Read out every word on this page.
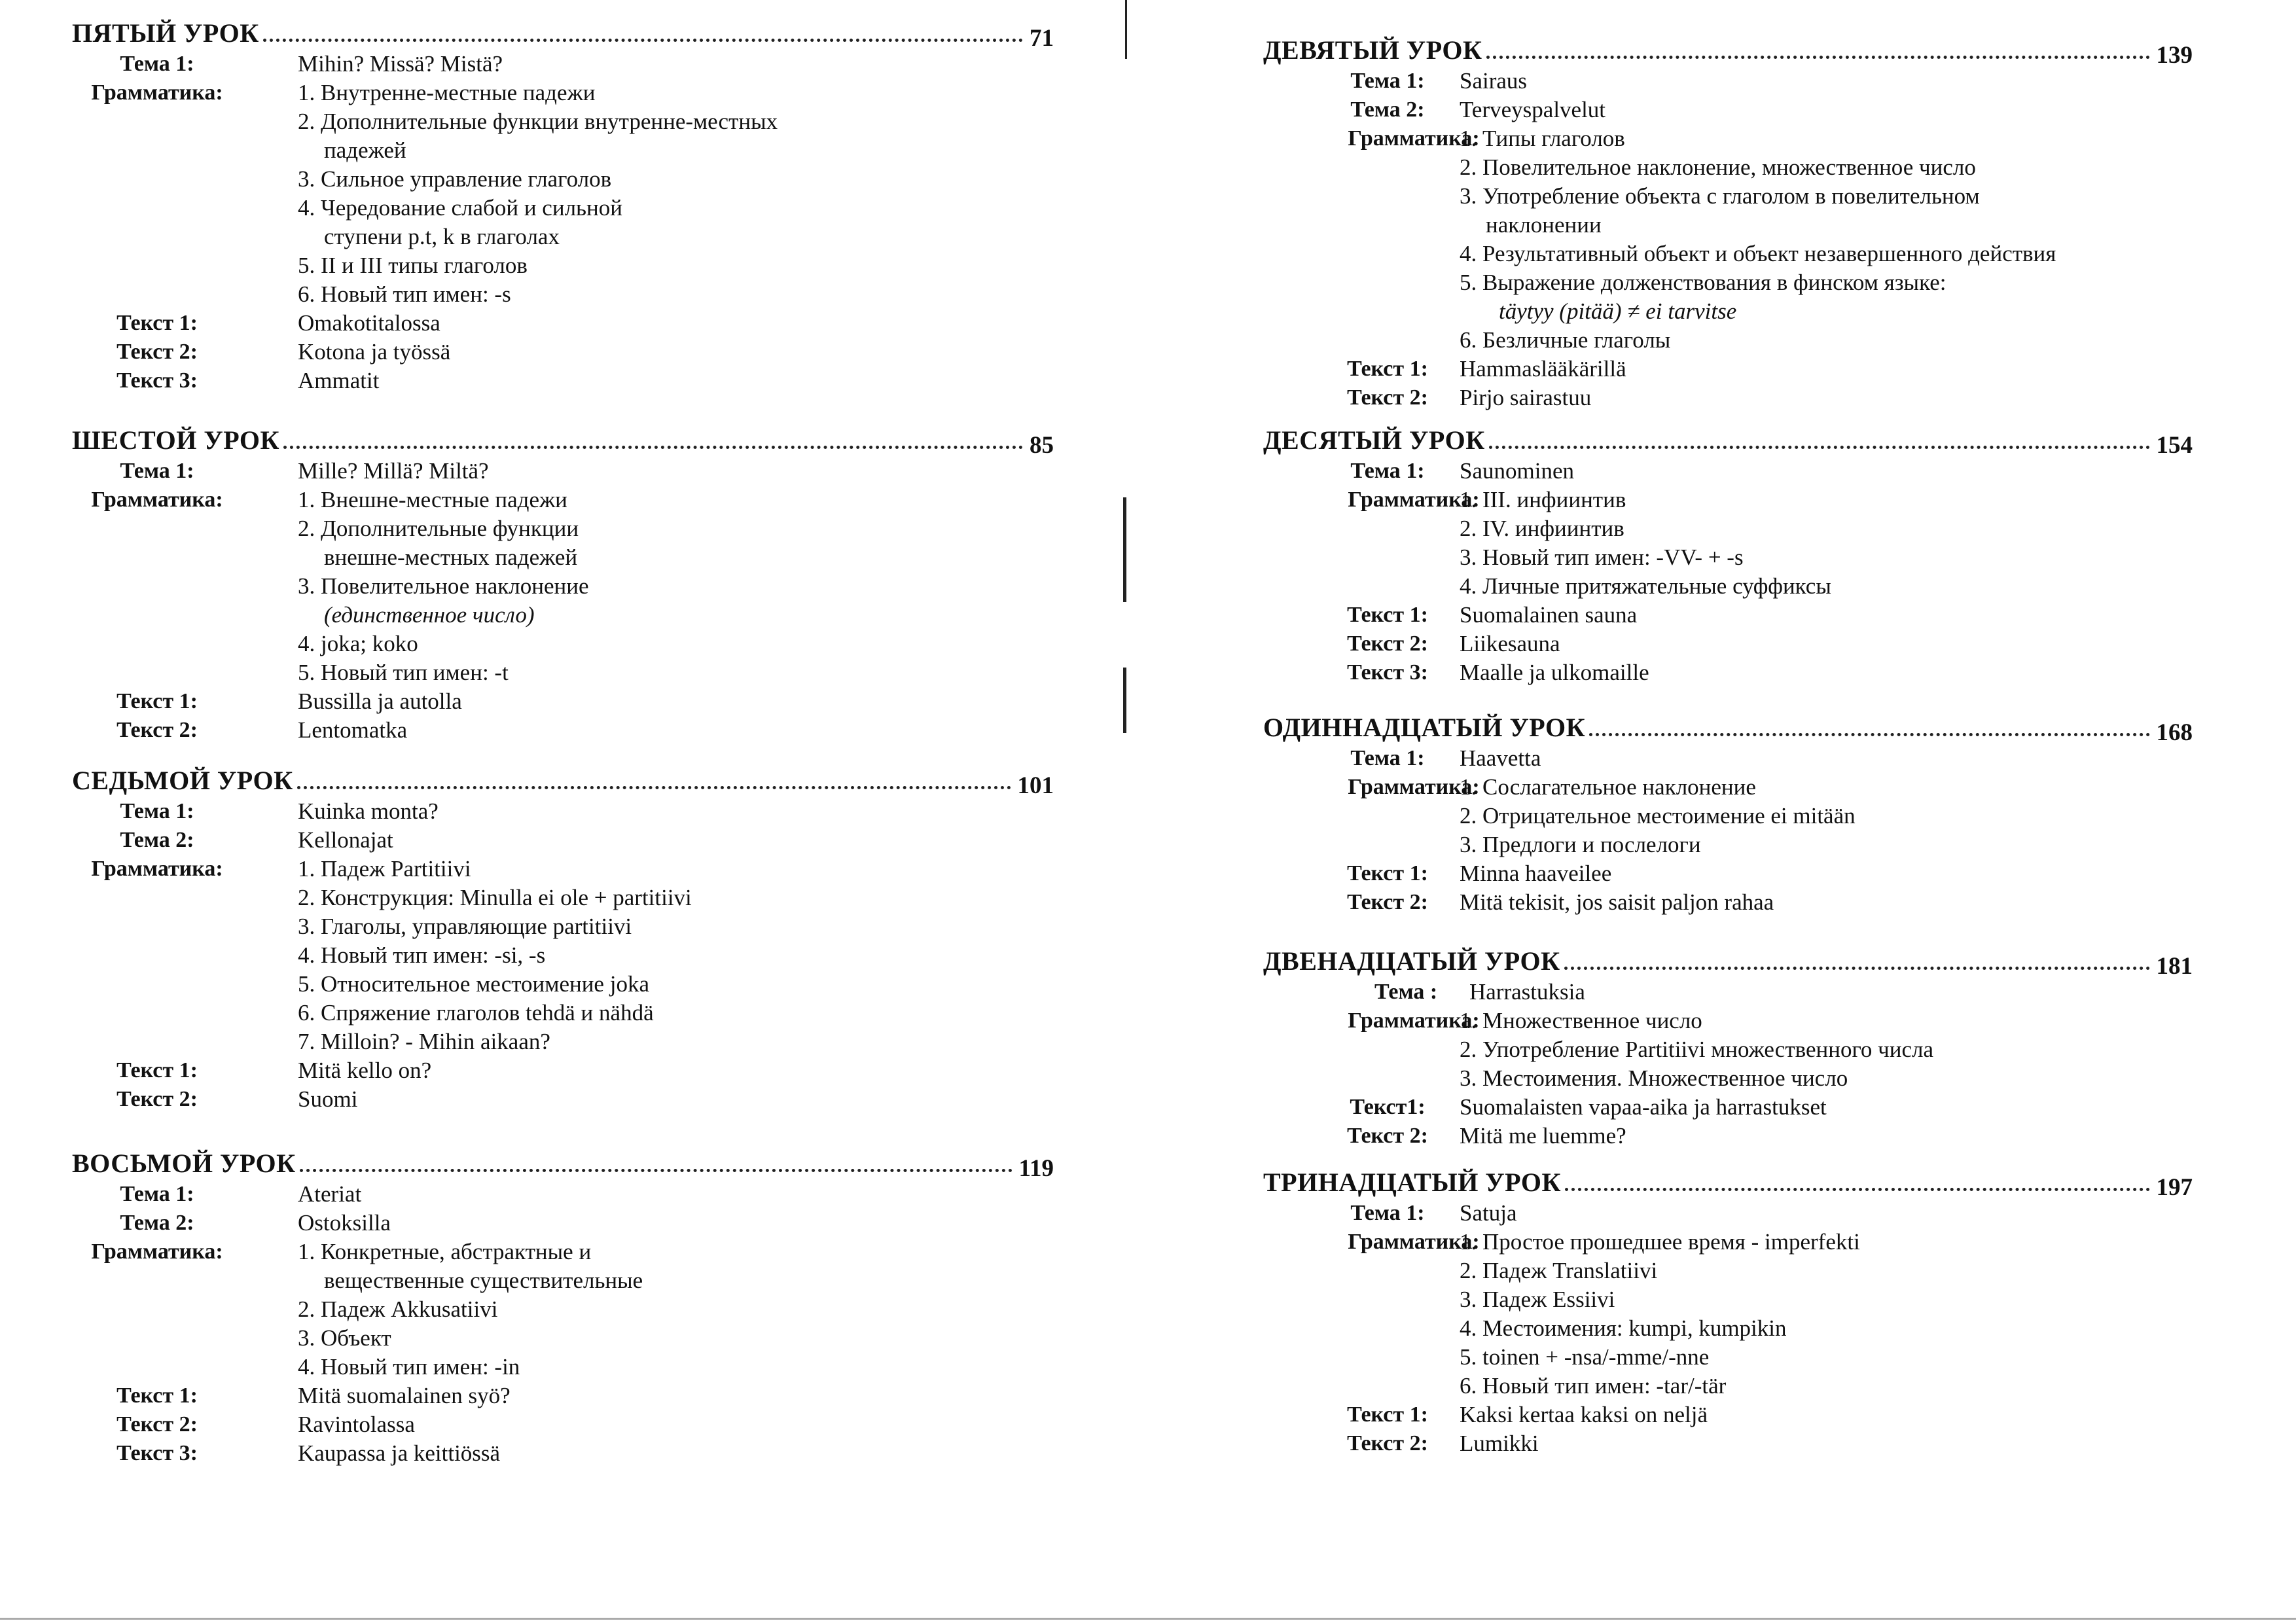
ПЯТЫЙ УРОК	71
Тема 1:	Mihin? Missä? Mistä?
Грамматика:	1. Внутренне-местные падежи
2. Дополнительные функции внутренне-местных
падежей
3. Сильное управление глаголов
4. Чередование слабой и сильной
ступени p.t, k в глаголах
5. II и III типы глаголов
6. Новый тип имен: -s
Текст 1:	Omakotitalossa
Текст 2:	Kotona ja työssä
Текст 3:	Ammatit
ШЕСТОЙ УРОК	85
Тема 1:	Mille? Millä? Miltä?
Грамматика:	1. Внешне-местные падежи
2. Дополнительные функции
внешне-местных падежей
3. Повелительное наклонение
(единственное число)
4. joka; koko
5. Новый тип имен: -t
Текст 1:	Bussilla ja autolla
Текст 2:	Lentomatka
СЕДЬМОЙ УРОК	101
Тема 1:	Kuinka monta?
Тема 2:	Kellonajat
Грамматика:	1. Падеж Partitiivi
2. Конструкция: Minulla ei ole + partitiivi
3. Глаголы, управляющие partitiivi
4. Новый тип имен: -si, -s
5. Относительное местоимение joka
6. Спряжение глаголов tehdä и nähdä
7. Milloin? - Mihin aikaan?
Текст 1:	Mitä kello on?
Текст 2:	Suomi
ВОСЬМОЙ УРОК	119
Тема 1:	Ateriat
Тема 2:	Ostoksilla
Грамматика:	1. Конкретные, абстрактные и
вещественные существительные
2. Падеж Akkusatiivi
3. Объект
4. Новый тип имен: -in
Текст 1:	Mitä suomalainen syö?
Текст 2:	Ravintolassa
Текст 3:	Kaupassa ja keittiössä
ДЕВЯТЫЙ УРОК	139
Тема 1:	Sairaus
Тема 2:	Terveyspalvelut
Грамматика:
1. Типы глаголов
2. Повелительное наклонение, множественное число
3. Употребление объекта с глаголом в повелительном
наклонении
4. Результативный объект и объект незавершенного действия
5. Выражение долженствования в финском языке:
täytyy (pitää) ≠ ei tarvitse
6. Безличные глаголы
Текст 1:	Hammaslääkärillä
Текст 2:	Pirjo sairastuu
ДЕСЯТЫЙ УРОК	154
Тема 1:	Saunominen
Грамматика:
1. III. инфиинтив
2. IV. инфиинтив
3. Новый тип имен: -VV- + -s
4. Личные притяжательные суффиксы
Текст 1:	Suomalainen sauna
Текст 2:	Liikesauna
Текст 3:	Maalle ja ulkomaille
ОДИННАДЦАТЫЙ УРОК	168
Тема 1:	Haavetta
Грамматика:
1. Сослагательное наклонение
2. Отрицательное местоимение ei mitään
3. Предлоги и послелоги
Текст 1:	Minna haaveilee
Текст 2:	Mitä tekisit, jos saisit paljon rahaa
ДВЕНАДЦАТЫЙ УРОК	181
Тема : Harrastuksia
Грамматика:
1. Множественное число
2. Употребление Partitiivi множественного числа
3. Местоимения. Множественное число
Текст1:	Suomalaisten vapaa-aika ja harrastukset
Текст 2:	Mitä me luemme?
ТРИНАДЦАТЫЙ УРОК	197
Тема 1:	Satuja
Грамматика:
1. Простое прошедшее время - imperfekti
2. Падеж Translatiivi
3. Падеж Essiivi
4. Местоимения: kumpi, kumpikin
5. toinen + -nsa/-mme/-nne
6. Новый тип имен: -tar/-tär
Текст 1:	Kaksi kertaa kaksi on neljä
Текст 2:	Lumikki
